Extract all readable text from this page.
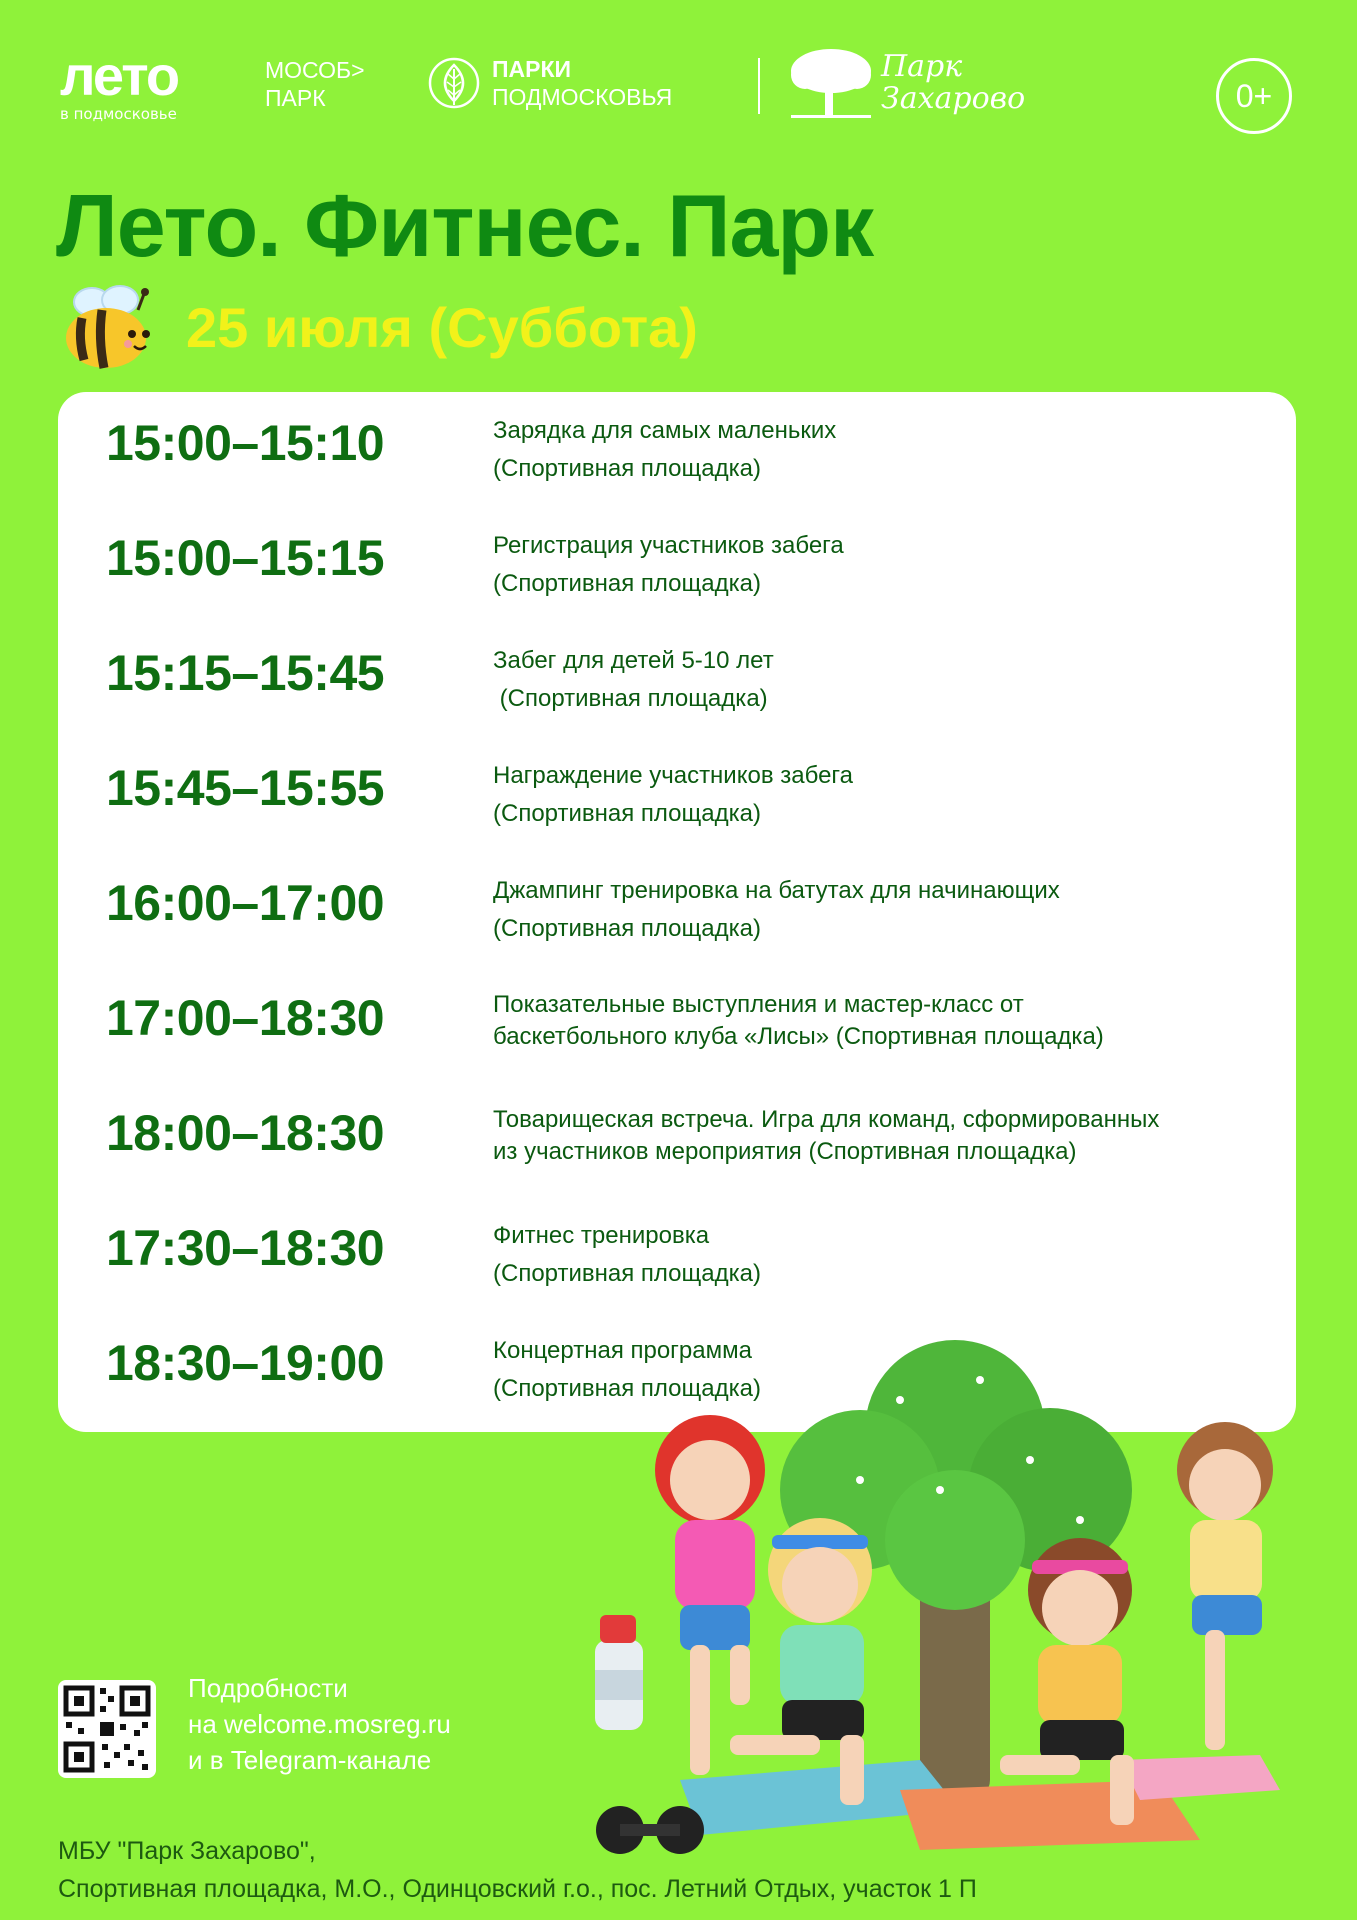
лето
в подмосковье
МОСОБ>
ПАРК
ПАРКИ
ПОДМОСКОВЬЯ
Парк
Захарово	0+
Лето. Фитнес. Парк
25 июля (Суббота)
15:00–15:10	Зарядка для самых маленьких
(Спортивная площадка)
15:00–15:15	Регистрация участников забега
(Спортивная площадка)
15:15–15:45	Забег для детей 5-10 лет
(Спортивная площадка)
15:45–15:55	Награждение участников забега
(Спортивная площадка)
16:00–17:00	Джампинг тренировка на батутах для начинающих
(Спортивная площадка)
17:00–18:30	Показательные выступления и мастер-класс от
баскетбольного клуба «Лисы» (Спортивная площадка)
18:00–18:30	Товарищеская встреча. Игра для команд, сформированных
из участников мероприятия (Спортивная площадка)
17:30–18:30	Фитнес тренировка
(Спортивная площадка)
18:30–19:00	Концертная программа
(Спортивная площадка)
Подробности
на welcome.mosreg.ru
и в Telegram-канале
МБУ "Парк Захарово",
Спортивная площадка, М.О., Одинцовский г.о., пос. Летний Отдых, участок 1 П
